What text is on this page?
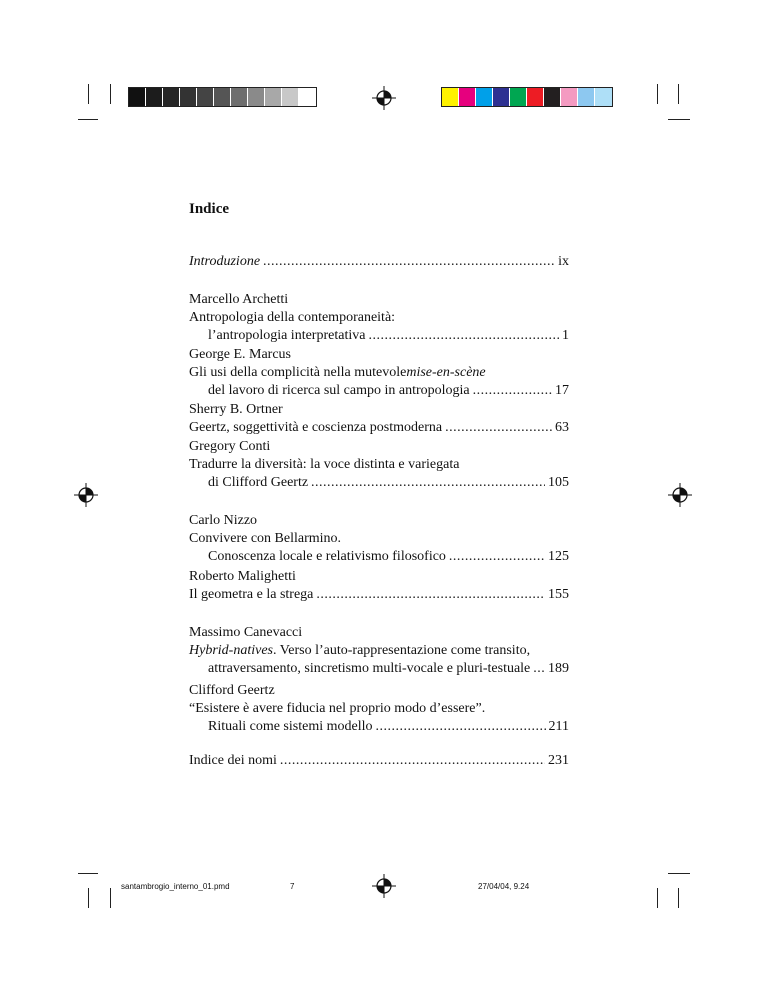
Indice
Introduzione .....	ix
Marcello Archetti
Antropologia della contemporaneità:
l’antropologia interpretativa .....	1
George E. Marcus
Gli usi della complicità nella mutevole mise-en-scène
del lavoro di ricerca sul campo in antropologia .....	17
Sherry B. Ortner
Geertz, soggettività e coscienza postmoderna .....	63
Gregory Conti
Tradurre la diversità: la voce distinta e variegata
di Clifford Geertz .....	105
Carlo Nizzo
Convivere con Bellarmino.
Conoscenza locale e relativismo filosofico .....	125
Roberto Malighetti
Il geometra e la strega .....	155
Massimo Canevacci
Hybrid-natives . Verso l’auto-rappresentazione come transito,
attraversamento, sincretismo multi-vocale e pluri-testuale ..... 189
Clifford Geertz
“Esistere è avere fiducia nel proprio modo d’essere”.
Rituali come sistemi modello .....	211
Indice dei nomi .....	231
santambrogio_interno_01.pmd	7	27/04/04, 9.24
